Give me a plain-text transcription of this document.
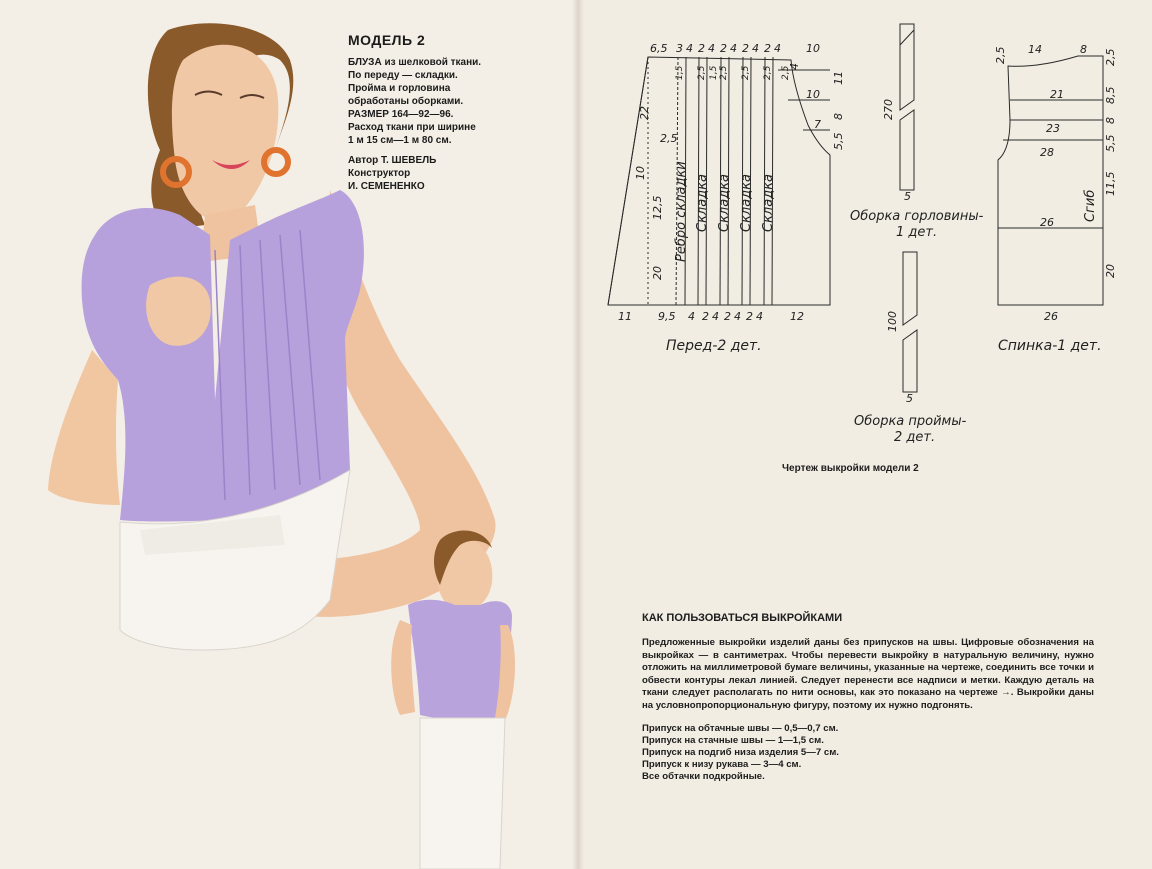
МОДЕЛЬ 2
БЛУЗА из шелковой ткани.
По переду — складки.
Пройма и горловина
обработаны оборками.
РАЗМЕР 164—92—96.
Расход ткани при ширине
1 м 15 см—1 м 80 см.
Автор Т. ШЕВЕЛЬ
Конструктор
И. СЕМЕНЕНКО
6,5 3 4 2 4 2 4 2 4 2 4 10
11 9,5 4 2 4 2 4 2 4 12
22
2,5
10
12,5
20
4
11
10
8
7
5,5
1,5 2,5 1,5 2,5 2,5 2,5 2,5
Ребро складки Складка Складка Складка Складка
Перед-2 дет.
270
5
Оборка горловины-
1 дет.
100
5
Оборка проймы-
2 дет.
2,5 14	8 2,5
21
23
28
26
26
8,5
8
5,5
11,5
20
Сгиб
Спинка-1 дет.
Чертеж выкройки модели 2
КАК ПОЛЬЗОВАТЬСЯ ВЫКРОЙКАМИ
Предложенные выкройки изделий даны без припусков на швы. Цифровые обозначения на выкройках — в сантиметрах. Чтобы перевести выкройку в натуральную величину, нужно отложить на миллиметровой бумаге величины, указанные на чертеже, соединить все точки и обвести контуры лекал линией. Следует перенести все надписи и метки. Каждую деталь на ткани следует располагать по нити основы, как это показано на чертеже →. Выкройки даны на условнопропорциональную фигуру, поэтому их нужно подгонять.
Припуск на обтачные швы — 0,5—0,7 см.
Припуск на стачные швы — 1—1,5 см.
Припуск на подгиб низа изделия 5—7 см.
Припуск к низу рукава — 3—4 см.
Все обтачки подкройные.
